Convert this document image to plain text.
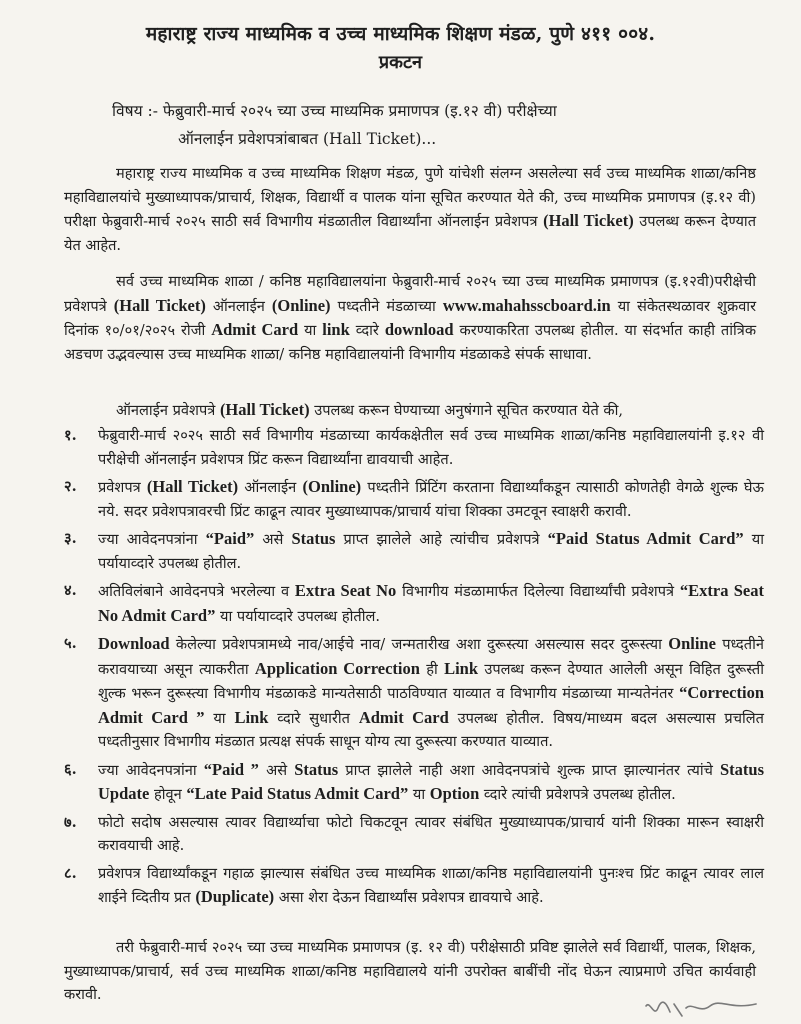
महाराष्ट्र राज्य माध्यमिक व उच्च माध्यमिक शिक्षण मंडळ, पुणे ४११ ००४.
प्रकटन
विषय :- फेब्रुवारी-मार्च २०२५ च्या उच्च माध्यमिक प्रमाणपत्र (इ.१२ वी) परीक्षेच्या
ऑनलाईन प्रवेशपत्रांबाबत (Hall Ticket)...
महाराष्ट्र राज्य माध्यमिक व उच्च माध्यमिक शिक्षण मंडळ, पुणे यांचेशी संलग्न असलेल्या सर्व उच्च माध्यमिक शाळा/कनिष्ठ महाविद्यालयांचे मुख्याध्यापक/प्राचार्य, शिक्षक, विद्यार्थी व पालक यांना सूचित करण्यात येते की, उच्च माध्यमिक प्रमाणपत्र (इ.१२ वी) परीक्षा फेब्रुवारी-मार्च २०२५ साठी सर्व विभागीय मंडळातील विद्यार्थ्यांना ऑनलाईन प्रवेशपत्र (Hall Ticket) उपलब्ध करून देण्यात येत आहेत.
सर्व उच्च माध्यमिक शाळा / कनिष्ठ महाविद्यालयांना फेब्रुवारी-मार्च २०२५ च्या उच्च माध्यमिक प्रमाणपत्र (इ.१२वी)परीक्षेची प्रवेशपत्रे (Hall Ticket) ऑनलाईन (Online) पध्दतीने मंडळाच्या www.mahahsscboard.in या संकेतस्थळावर शुक्रवार दिनांक १०/०१/२०२५ रोजी Admit Card या link व्दारे download करण्याकरिता उपलब्ध होतील. या संदर्भात काही तांत्रिक अडचण उद्भवल्यास उच्च माध्यमिक शाळा/ कनिष्ठ महाविद्यालयांनी विभागीय मंडळाकडे संपर्क साधावा.
ऑनलाईन प्रवेशपत्रे (Hall Ticket) उपलब्ध करून घेण्याच्या अनुषंगाने सूचित करण्यात येते की,
१.	फेब्रुवारी-मार्च २०२५ साठी सर्व विभागीय मंडळाच्या कार्यकक्षेतील सर्व उच्च माध्यमिक शाळा/कनिष्ठ महाविद्यालयांनी इ.१२ वी परीक्षेची ऑनलाईन प्रवेशपत्र प्रिंट करून विद्यार्थ्यांना द्यावयाची आहेत.
२.	प्रवेशपत्र (Hall Ticket) ऑनलाईन (Online) पध्दतीने प्रिंटिंग करताना विद्यार्थ्यांकडून त्यासाठी कोणतेही वेगळे शुल्क घेऊ नये. सदर प्रवेशपत्रावरची प्रिंट काढून त्यावर मुख्याध्यापक/प्राचार्य यांचा शिक्का उमटवून स्वाक्षरी करावी.
३.	ज्या आवेदनपत्रांना “Paid” असे Status प्राप्त झालेले आहे त्यांचीच प्रवेशपत्रे “Paid Status Admit Card” या पर्यायाव्दारे उपलब्ध होतील.
४.	अतिविलंबाने आवेदनपत्रे भरलेल्या व Extra Seat No विभागीय मंडळामार्फत दिलेल्या विद्यार्थ्यांची प्रवेशपत्रे “Extra Seat No Admit Card” या पर्यायाव्दारे उपलब्ध होतील.
५.	Download केलेल्या प्रवेशपत्रामध्ये नाव/आईचे नाव/ जन्मतारीख अशा दुरूस्त्या असल्यास सदर दुरूस्त्या Online पध्दतीने करावयाच्या असून त्याकरीता Application Correction ही Link उपलब्ध करून देण्यात आलेली असून विहित दुरूस्ती शुल्क भरून दुरूस्त्या विभागीय मंडळाकडे मान्यतेसाठी पाठविण्यात याव्यात व विभागीय मंडळाच्या मान्यतेनंतर “Correction Admit Card ” या Link व्दारे सुधारीत Admit Card उपलब्ध होतील. विषय/माध्यम बदल असल्यास प्रचलित पध्दतीनुसार विभागीय मंडळात प्रत्यक्ष संपर्क साधून योग्य त्या दुरूस्त्या करण्यात याव्यात.
६.	ज्या आवेदनपत्रांना “Paid ” असे Status प्राप्त झालेले नाही अशा आवेदनपत्रांचे शुल्क प्राप्त झाल्यानंतर त्यांचे Status Update होवून “Late Paid Status Admit Card” या Option व्दारे त्यांची प्रवेशपत्रे उपलब्ध होतील.
७.	फोटो सदोष असल्यास त्यावर विद्यार्थ्याचा फोटो चिकटवून त्यावर संबंधित मुख्याध्यापक/प्राचार्य यांनी शिक्का मारून स्वाक्षरी करावयाची आहे.
८.	प्रवेशपत्र विद्यार्थ्यांकडून गहाळ झाल्यास संबंधित उच्च माध्यमिक शाळा/कनिष्ठ महाविद्यालयांनी पुनःश्च प्रिंट काढून त्यावर लाल शाईने व्दितीय प्रत (Duplicate) असा शेरा देऊन विद्यार्थ्यांस प्रवेशपत्र द्यावयाचे आहे.
तरी फेब्रुवारी-मार्च २०२५ च्या उच्च माध्यमिक प्रमाणपत्र (इ. १२ वी) परीक्षेसाठी प्रविष्ट झालेले सर्व विद्यार्थी, पालक, शिक्षक, मुख्याध्यापक/प्राचार्य, सर्व उच्च माध्यमिक शाळा/कनिष्ठ महाविद्यालये यांनी उपरोक्त बाबींची नोंद घेऊन त्याप्रमाणे उचित कार्यवाही करावी.
